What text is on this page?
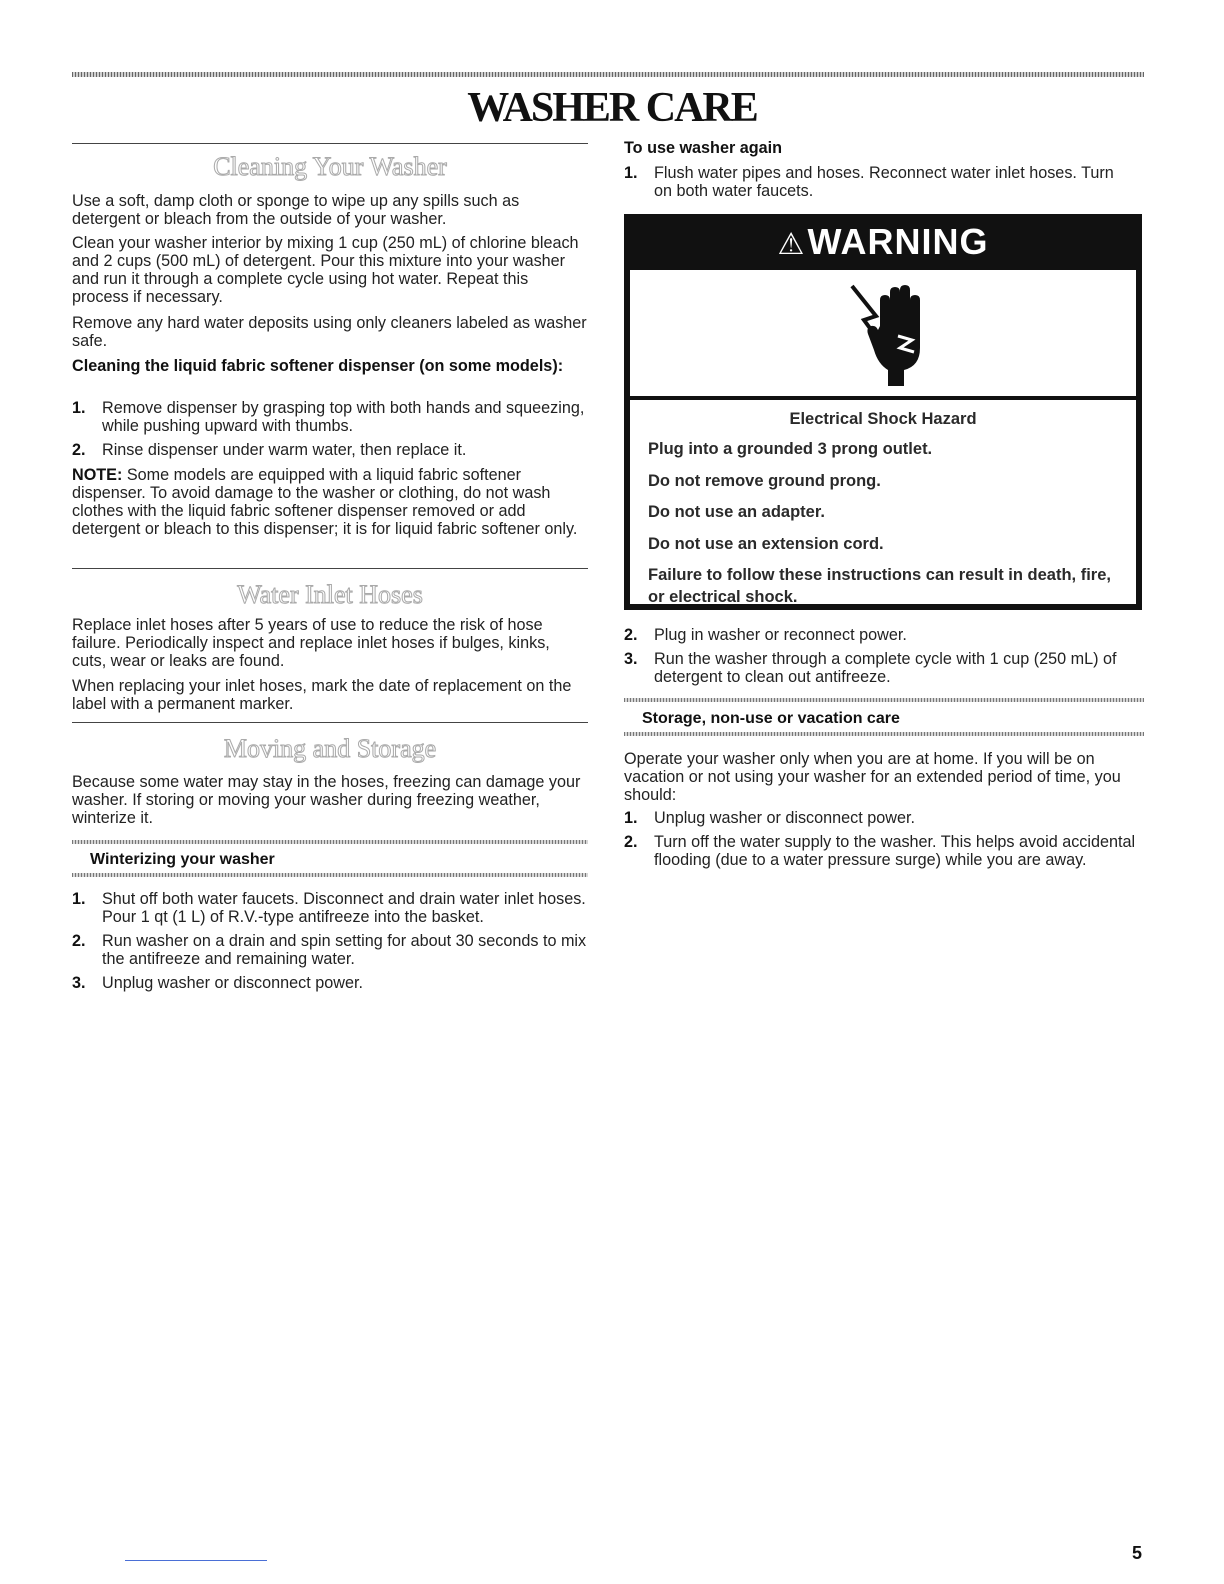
WASHER CARE
Cleaning Your Washer

Use a soft, damp cloth or sponge to wipe up any spills such as detergent or bleach from the outside of your washer.

Clean your washer interior by mixing 1 cup (250 mL) of chlorine bleach and 2 cups (500 mL) of detergent. Pour this mixture into your washer and run it through a complete cycle using hot water. Repeat this process if necessary.

Remove any hard water deposits using only cleaners labeled as washer safe.

Cleaning the liquid fabric softener dispenser (on some models):

1. Remove dispenser by grasping top with both hands and squeezing, while pushing upward with thumbs.
2. Rinse dispenser under warm water, then replace it.

NOTE: Some models are equipped with a liquid fabric softener dispenser. To avoid damage to the washer or clothing, do not wash clothes with the liquid fabric softener dispenser removed or add detergent or bleach to this dispenser; it is for liquid fabric softener only.

Water Inlet Hoses

Replace inlet hoses after 5 years of use to reduce the risk of hose failure. Periodically inspect and replace inlet hoses if bulges, kinks, cuts, wear or leaks are found.

When replacing your inlet hoses, mark the date of replacement on the label with a permanent marker.

Moving and Storage

Because some water may stay in the hoses, freezing can damage your washer. If storing or moving your washer during freezing weather, winterize it.

Winterizing your washer
1. Shut off both water faucets. Disconnect and drain water inlet hoses. Pour 1 qt (1 L) of R.V.-type antifreeze into the basket.
2. Run washer on a drain and spin setting for about 30 seconds to mix the antifreeze and remaining water.
3. Unplug washer or disconnect power.

To use washer again

1. Flush water pipes and hoses. Reconnect water inlet hoses. Turn on both water faucets.
⚠WARNING
Electrical Shock Hazard
Plug into a grounded 3 prong outlet.
Do not remove ground prong.
Do not use an adapter.
Do not use an extension cord.
Failure to follow these instructions can result in death, fire, or electrical shock.
2. Plug in washer or reconnect power.
3. Run the washer through a complete cycle with 1 cup (250 mL) of detergent to clean out antifreeze.
Storage, non-use or vacation care

Operate your washer only when you are at home. If you will be on vacation or not using your washer for an extended period of time, you should:

1. Unplug washer or disconnect power.
2. Turn off the water supply to the washer. This helps avoid accidental flooding (due to a water pressure surge) while you are away.
5
